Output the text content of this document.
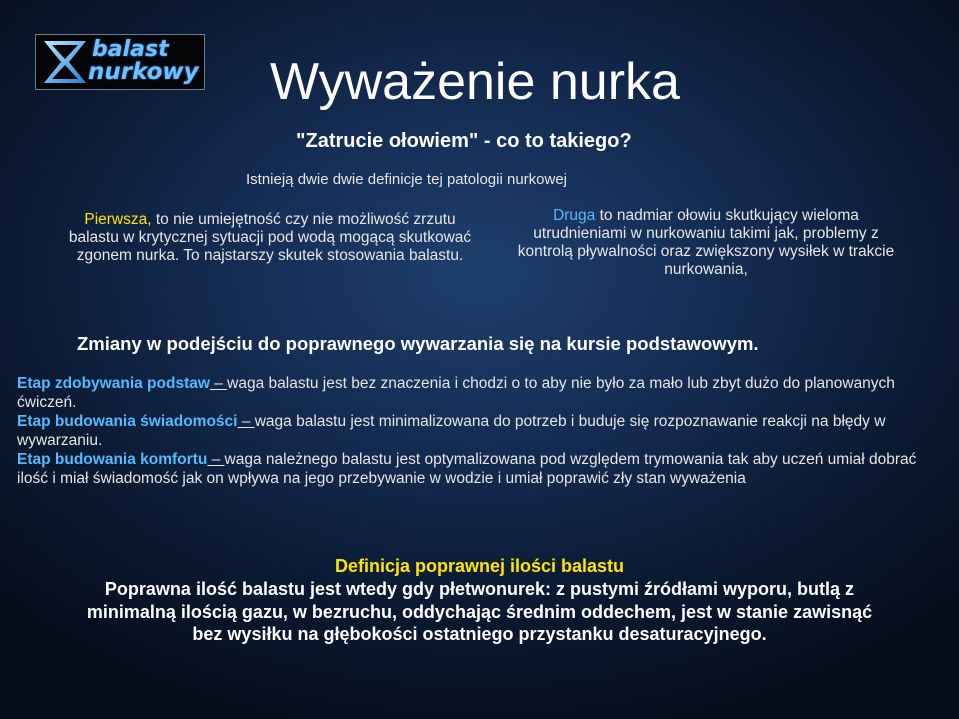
balast
nurkowy Wyważenie nurka
"Zatrucie ołowiem" - co to takiego?
Istnieją dwie dwie definicje tej patologii nurkowej
Pierwsza, to nie umiejętność czy nie możliwość zrzutu balastu w krytycznej sytuacji pod wodą mogącą skutkować zgonem nurka. To najstarszy skutek stosowania balastu.
Druga to nadmiar ołowiu skutkujący wieloma utrudnieniami w nurkowaniu takimi jak, problemy z kontrolą pływalności oraz zwiększony wysiłek w trakcie nurkowania,
Zmiany w podejściu do poprawnego wywarzania się na kursie podstawowym.

Etap zdobywania podstaw – waga balastu jest bez znaczenia i chodzi o to aby nie było za mało lub zbyt dużo do planowanych ćwiczeń.

Etap budowania świadomości – waga balastu jest minimalizowana do potrzeb i buduje się rozpoznawanie reakcji na błędy w wywarzaniu.

Etap budowania komfortu – waga należnego balastu jest optymalizowana pod względem trymowania tak aby uczeń umiał dobrać ilość i miał świadomość jak on wpływa na jego przebywanie w wodzie i umiał poprawić zły stan wyważenia

Definicja poprawnej ilości balastu
Poprawna ilość balastu jest wtedy gdy płetwonurek: z pustymi źródłami wyporu, butlą z minimalną ilością gazu, w bezruchu, oddychając średnim oddechem, jest w stanie zawisnąć bez wysiłku na głębokości ostatniego przystanku desaturacyjnego.
